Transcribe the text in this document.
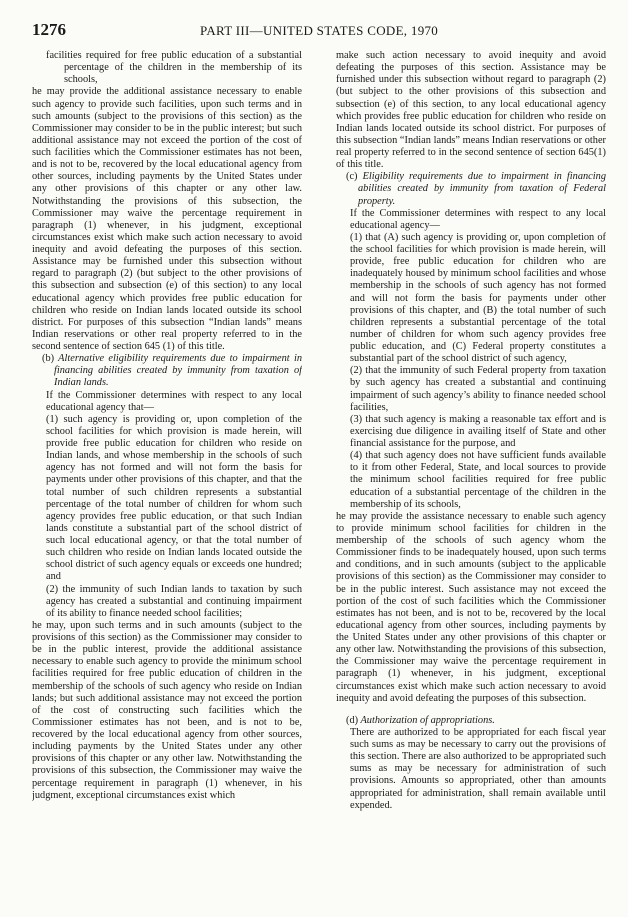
1276	PART III—UNITED STATES CODE, 1970

facilities required for free public education of a substantial percentage of the children in the membership of its schools,

he may provide the additional assistance necessary to enable such agency to provide such facilities, upon such terms and in such amounts (subject to the provisions of this section) as the Commissioner may consider to be in the public interest; but such additional assistance may not exceed the portion of the cost of such facilities which the Commissioner estimates has not been, and is not to be, recovered by the local educational agency from other sources, including payments by the United States under any other provisions of this chapter or any other law. Notwithstanding the provisions of this subsection, the Commissioner may waive the percentage requirement in paragraph (1) whenever, in his judgment, exceptional circumstances exist which make such action necessary to avoid inequity and avoid defeating the purposes of this section. Assistance may be furnished under this subsection without regard to paragraph (2) (but subject to the other provisions of this subsection and subsection (e) of this section) to any local educational agency which provides free public education for children who reside on Indian lands located outside its school district. For purposes of this subsection “Indian lands” means Indian reservations or other real property referred to in the second sentence of section 645 (1) of this title.

(b) Alternative eligibility requirements due to impairment in financing abilities created by immunity from taxation of Indian lands.

If the Commissioner determines with respect to any local educational agency that—

(1) such agency is providing or, upon completion of the school facilities for which provision is made herein, will provide free public education for children who reside on Indian lands, and whose membership in the schools of such agency has not formed and will not form the basis for payments under other provisions of this chapter, and that the total number of such children represents a substantial percentage of the total number of children for whom such agency provides free public education, or that such Indian lands constitute a substantial part of the school district of such local educational agency, or that the total number of such children who reside on Indian lands located outside the school district of such agency equals or exceeds one hundred; and

(2) the immunity of such Indian lands to taxation by such agency has created a substantial and continuing impairment of its ability to finance needed school facilities;

he may, upon such terms and in such amounts (subject to the provisions of this section) as the Commissioner may consider to be in the public interest, provide the additional assistance necessary to enable such agency to provide the minimum school facilities required for free public education of children in the membership of the schools of such agency who reside on Indian lands; but such additional assistance may not exceed the portion of the cost of constructing such facilities which the Commissioner estimates has not been, and is not to be, recovered by the local educational agency from other sources, including payments by the United States under any other provisions of this chapter or any other law. Notwithstanding the provisions of this subsection, the Commissioner may waive the percentage requirement in paragraph (1) whenever, in his judgment, exceptional circumstances exist which

make such action necessary to avoid inequity and avoid defeating the purposes of this section. Assistance may be furnished under this subsection without regard to paragraph (2) (but subject to the other provisions of this subsection and subsection (e) of this section, to any local educational agency which provides free public education for children who reside on Indian lands located outside its school district. For purposes of this subsection “Indian lands” means Indian reservations or other real property referred to in the second sentence of section 645(1) of this title.

(c) Eligibility requirements due to impairment in financing abilities created by immunity from taxation of Federal property.

If the Commissioner determines with respect to any local educational agency—

(1) that (A) such agency is providing or, upon completion of the school facilities for which provision is made herein, will provide, free public education for children who are inadequately housed by minimum school facilities and whose membership in the schools of such agency has not formed and will not form the basis for payments under other provisions of this chapter, and (B) the total number of such children represents a substantial percentage of the total number of children for whom such agency provides free public education, and (C) Federal property constitutes a substantial part of the school district of such agency,

(2) that the immunity of such Federal property from taxation by such agency has created a substantial and continuing impairment of such agency’s ability to finance needed school facilities,

(3) that such agency is making a reasonable tax effort and is exercising due diligence in availing itself of State and other financial assistance for the purpose, and

(4) that such agency does not have sufficient funds available to it from other Federal, State, and local sources to provide the minimum school facilities required for free public education of a substantial percentage of the children in the membership of its schools,

he may provide the assistance necessary to enable such agency to provide minimum school facilities for children in the membership of the schools of such agency whom the Commissioner finds to be inadequately housed, upon such terms and conditions, and in such amounts (subject to the applicable provisions of this section) as the Commissioner may consider to be in the public interest. Such assistance may not exceed the portion of the cost of such facilities which the Commissioner estimates has not been, and is not to be, recovered by the local educational agency from other sources, including payments by the United States under any other provisions of this chapter or any other law. Notwithstanding the provisions of this subsection, the Commissioner may waive the percentage requirement in paragraph (1) whenever, in his judgment, exceptional circumstances exist which make such action necessary to avoid inequity and avoid defeating the purposes of this subsection.

(d) Authorization of appropriations.

There are authorized to be appropriated for each fiscal year such sums as may be necessary to carry out the provisions of this section. There are also authorized to be appropriated such sums as may be necessary for administration of such provisions. Amounts so appropriated, other than amounts appropriated for administration, shall remain available until expended.
